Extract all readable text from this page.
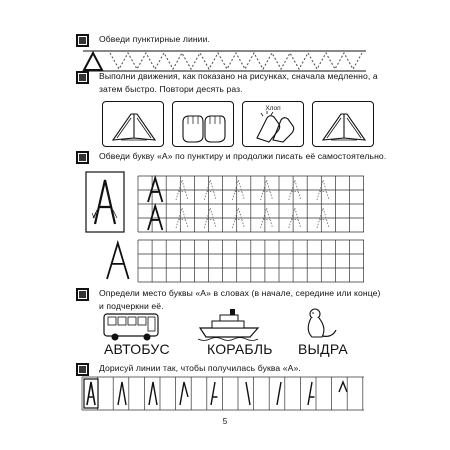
Обведи пунктирные линии.
Выполни движения, как показано на рисунках, сначала медленно, а затем быстро. Повтори десять раз.
Хлоп
Обведи букву «А» по пунктиру и продолжи писать её самостоятельно.
Определи место буквы «А» в словах (в начале, середине или конце) и подчеркни её.
АВТОБУС	КОРАБЛЬ ВЫДРА
Дорисуй линии так, чтобы получилась буква «А».
5
